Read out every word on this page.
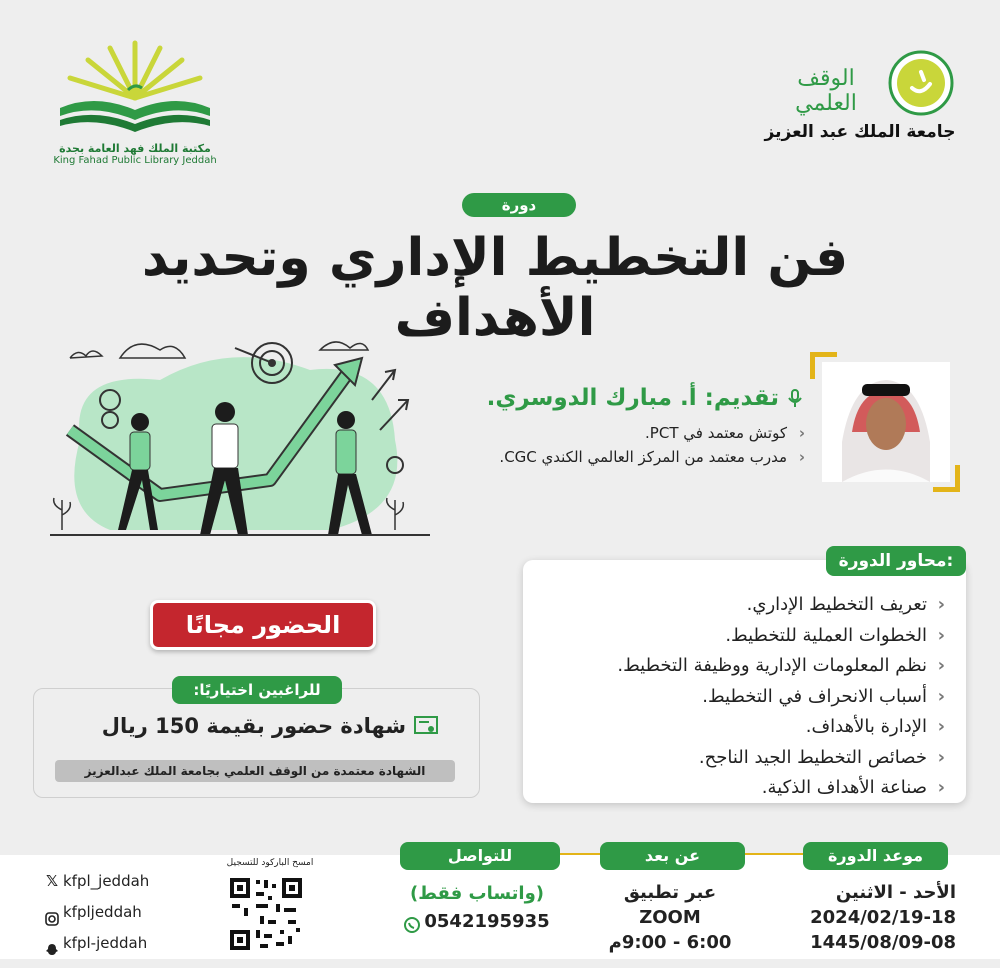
مكتبة الملك فهد العامة بجدة
King Fahad Public Library Jeddah
الوقف العلمي
جامعة الملك عبد العزيز
دورة
فن التخطيط الإداري وتحديد الأهداف
تقديم: أ. مبارك الدوسري.
‹ كوتش معتمد في PCT.
‹ مدرب معتمد من المركز العالمي الكندي CGC.
محاور الدورة:
‹ تعريف التخطيط الإداري.
‹ الخطوات العملية للتخطيط.
‹ نظم المعلومات الإدارية ووظيفة التخطيط.
‹ أسباب الانحراف في التخطيط.
‹ الإدارة بالأهداف.
‹ خصائص التخطيط الجيد الناجح.
‹ صناعة الأهداف الذكية.
الحضور مجانًا
للراغبين اختياريًا:
شهادة حضور بقيمة 150 ريال
الشهادة معتمدة من الوقف العلمي بجامعة الملك عبدالعزيز
موعد الدورة
الأحد - الاثنين
2024/02/19-18
1445/08/09-08
عن بعد
عبر تطبيق
ZOOM
6:00 - 9:00م
للتواصل
(واتساب فقط)
0542195935
امسح الباركود للتسجيل
𝕏 kfpl_jeddah
kfpljeddah
kfpl-jeddah
